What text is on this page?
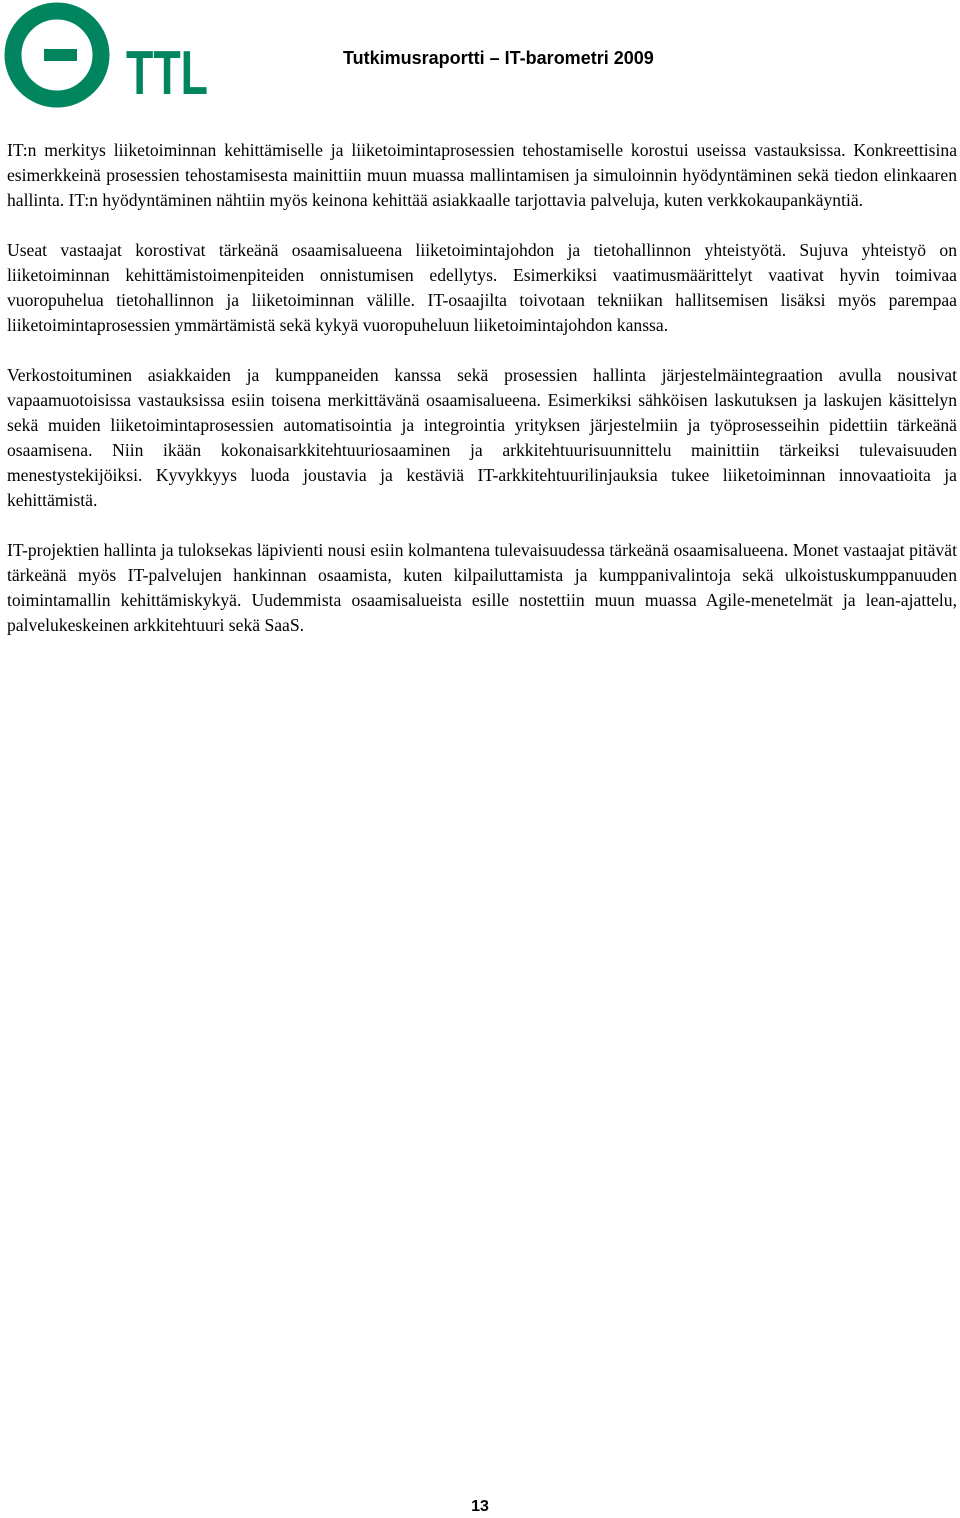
TTL	Tutkimusraportti – IT-barometri 2009

IT:n merkitys liiketoiminnan kehittämiselle ja liiketoimintaprosessien tehostamiselle korostui useissa vastauksissa. Konkreettisina esimerkkeinä prosessien tehostamisesta mainittiin muun muassa mallintamisen ja simuloinnin hyödyntäminen sekä tiedon elinkaaren hallinta. IT:n hyödyntäminen nähtiin myös keinona kehittää asiakkaalle tarjottavia palveluja, kuten verkkokaupankäyntiä.

Useat vastaajat korostivat tärkeänä osaamisalueena liiketoimintajohdon ja tietohallinnon yhteistyötä. Sujuva yhteistyö on liiketoiminnan kehittämistoimenpiteiden onnistumisen edellytys. Esimerkiksi vaatimusmäärittelyt vaativat hyvin toimivaa vuoropuhelua tietohallinnon ja liiketoiminnan välille. IT-osaajilta toivotaan tekniikan hallitsemisen lisäksi myös parempaa liiketoimintaprosessien ymmärtämistä sekä kykyä vuoropuheluun liiketoimintajohdon kanssa.

Verkostoituminen asiakkaiden ja kumppaneiden kanssa sekä prosessien hallinta järjestelmäintegraation avulla nousivat vapaamuotoisissa vastauksissa esiin toisena merkittävänä osaamisalueena. Esimerkiksi sähköisen laskutuksen ja laskujen käsittelyn sekä muiden liiketoimintaprosessien automatisointia ja integrointia yrityksen järjestelmiin ja työprosesseihin pidettiin tärkeänä osaamisena. Niin ikään kokonaisarkkitehtuuriosaaminen ja arkkitehtuurisuunnittelu mainittiin tärkeiksi tulevaisuuden menestystekijöiksi. Kyvykkyys luoda joustavia ja kestäviä IT-arkkitehtuurilinjauksia tukee liiketoiminnan innovaatioita ja kehittämistä.

IT-projektien hallinta ja tuloksekas läpivienti nousi esiin kolmantena tulevaisuudessa tärkeänä osaamisalueena. Monet vastaajat pitävät tärkeänä myös IT-palvelujen hankinnan osaamista, kuten kilpailuttamista ja kumppanivalintoja sekä ulkoistuskumppanuuden toimintamallin kehittämiskykyä. Uudemmista osaamisalueista esille nostettiin muun muassa Agile-menetelmät ja lean-ajattelu, palvelukeskeinen arkkitehtuuri sekä SaaS.

13
